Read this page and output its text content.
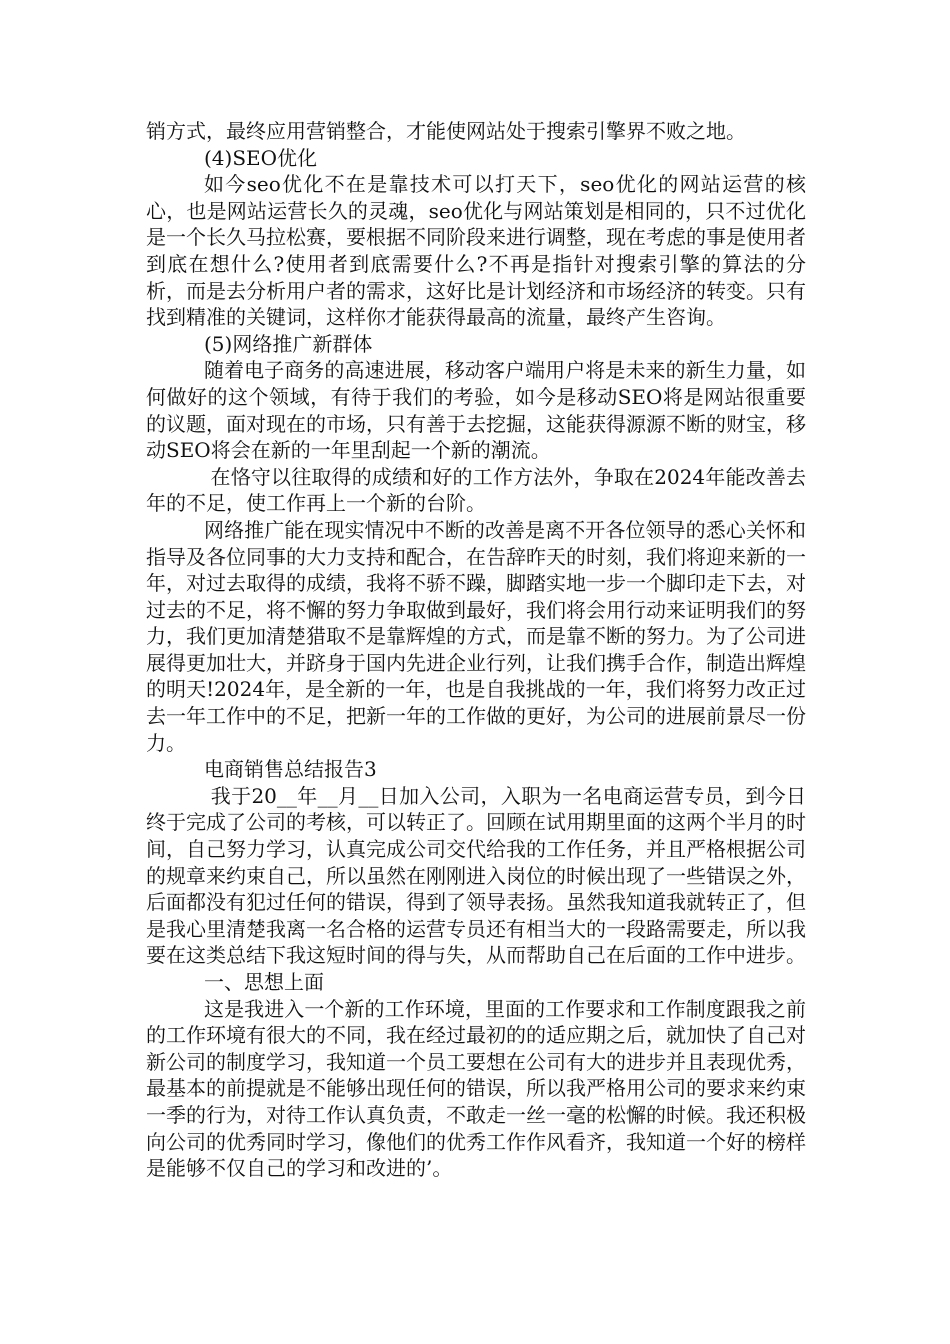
销方式，最终应用营销整合，才能使网站处于搜索引擎界不败之地。

(4)SEO优化

如今seo优化不在是靠技术可以打天下，seo优化的网站运营的核心，也是网站运营长久的灵魂，seo优化与网站策划是相同的，只不过优化是一个长久马拉松赛，要根据不同阶段来进行调整，现在考虑的事是使用者到底在想什么?使用者到底需要什么?不再是指针对搜索引擎的算法的分析，而是去分析用户者的需求，这好比是计划经济和市场经济的转变。只有找到精准的关键词，这样你才能获得最高的流量，最终产生咨询。

(5)网络推广新群体

随着电子商务的高速进展，移动客户端用户将是未来的新生力量，如何做好的这个领域，有待于我们的考验，如今是移动SEO将是网站很重要的议题，面对现在的市场，只有善于去挖掘，这能获得源源不断的财宝，移动SEO将会在新的一年里刮起一个新的潮流。

在恪守以往取得的成绩和好的工作方法外，争取在2024年能改善去年的不足，使工作再上一个新的台阶。

网络推广能在现实情况中不断的改善是离不开各位领导的悉心关怀和指导及各位同事的大力支持和配合，在告辞昨天的时刻，我们将迎来新的一年，对过去取得的成绩，我将不骄不躁，脚踏实地一步一个脚印走下去，对过去的不足，将不懈的努力争取做到最好，我们将会用行动来证明我们的努力，我们更加清楚猎取不是靠辉煌的方式，而是靠不断的努力。为了公司进展得更加壮大，并跻身于国内先进企业行列，让我们携手合作，制造出辉煌的明天!2024年，是全新的一年，也是自我挑战的一年，我们将努力改正过去一年工作中的不足，把新一年的工作做的更好，为公司的进展前景尽一份力。

电商销售总结报告3

我于20__年__月__日加入公司，入职为一名电商运营专员，到今日终于完成了公司的考核，可以转正了。回顾在试用期里面的这两个半月的时间，自己努力学习，认真完成公司交代给我的工作任务，并且严格根据公司的规章来约束自己，所以虽然在刚刚进入岗位的时候出现了一些错误之外，后面都没有犯过任何的错误，得到了领导表扬。虽然我知道我就转正了，但是我心里清楚我离一名合格的运营专员还有相当大的一段路需要走，所以我要在这类总结下我这短时间的得与失，从而帮助自己在后面的工作中进步。

一、思想上面

这是我进入一个新的工作环境，里面的工作要求和工作制度跟我之前的工作环境有很大的不同，我在经过最初的的适应期之后，就加快了自己对新公司的制度学习，我知道一个员工要想在公司有大的进步并且表现优秀，最基本的前提就是不能够出现任何的错误，所以我严格用公司的要求来约束一季的行为，对待工作认真负责，不敢走一丝一毫的松懈的时候。我还积极向公司的优秀同时学习，像他们的优秀工作作风看齐，我知道一个好的榜样是能够不仅自己的学习和改进的’。
